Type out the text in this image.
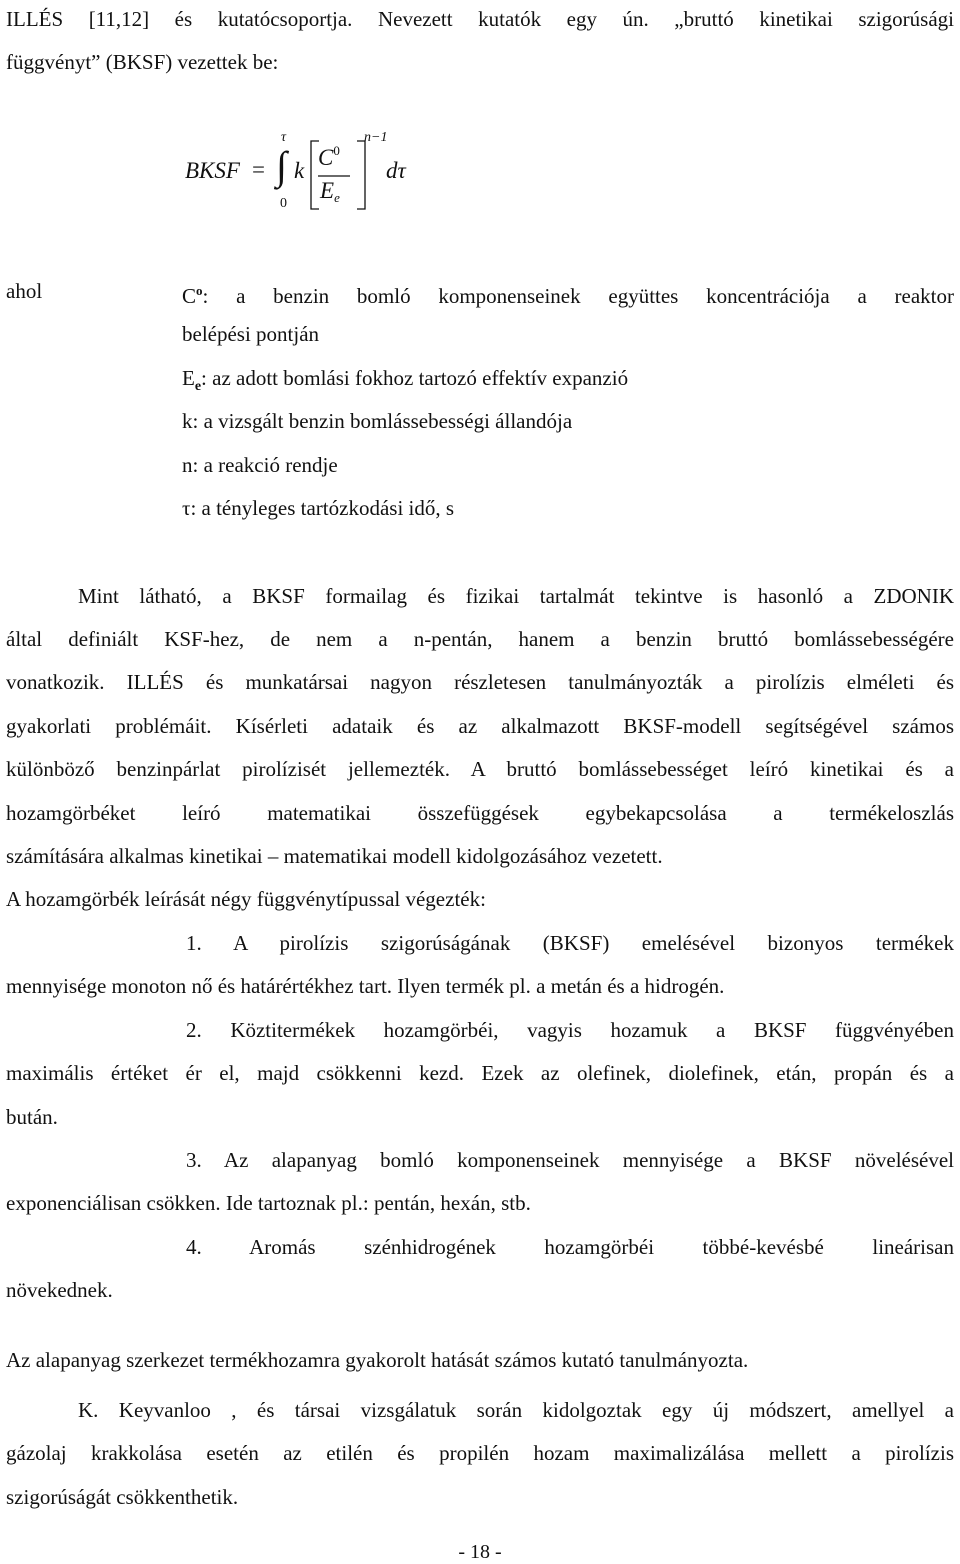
ILLÉS [11,12] és kutatócsoportja. Nevezett kutatók egy ún. „bruttó kinetikai szigorúsági
függvényt” (BKSF) vezettek be:
BKSF = ∫
τ
0
k
$C^0$
$E_e$
n−1
dτ
ahol	$C^o$: a benzin bomló komponenseinek együttes koncentrációja a reaktor
belépési pontján
$E_e$: az adott bomlási fokhoz tartozó effektív expanzió
k: a vizsgált benzin bomlássebességi állandója
n: a reakció rendje
τ: a tényleges tartózkodási idő, s
Mint látható, a BKSF formailag és fizikai tartalmát tekintve is hasonló a ZDONIK
által definiált KSF-hez, de nem a n-pentán, hanem a benzin bruttó bomlássebességére
vonatkozik. ILLÉS és munkatársai nagyon részletesen tanulmányozták a pirolízis elméleti és
gyakorlati problémáit. Kísérleti adataik és az alkalmazott BKSF-modell segítségével számos
különböző benzinpárlat pirolízisét jellemezték. A bruttó bomlássebességet leíró kinetikai és a
hozamgörbéket leíró matematikai összefüggések egybekapcsolása a termékeloszlás
számítására alkalmas kinetikai – matematikai modell kidolgozásához vezetett.
A hozamgörbék leírását négy függvénytípussal végezték:
1. A pirolízis szigorúságának (BKSF) emelésével bizonyos termékek
mennyisége monoton nő és határértékhez tart. Ilyen termék pl. a metán és a hidrogén.
2. Köztitermékek hozamgörbéi, vagyis hozamuk a BKSF függvényében
maximális értéket ér el, majd csökkenni kezd. Ezek az olefinek, diolefinek, etán, propán és a
bután.
3. Az alapanyag bomló komponenseinek mennyisége a BKSF növelésével
exponenciálisan csökken. Ide tartoznak pl.: pentán, hexán, stb.
4. Aromás szénhidrogének hozamgörbéi többé-kevésbé lineárisan
növekednek.
Az alapanyag szerkezet termékhozamra gyakorolt hatását számos kutató tanulmányozta.
K. Keyvanloo , és társai vizsgálatuk során kidolgoztak egy új módszert, amellyel a
gázolaj krakkolása esetén az etilén és propilén hozam maximalizálása mellett a pirolízis
szigorúságát csökkenthetik.
- 18 -
